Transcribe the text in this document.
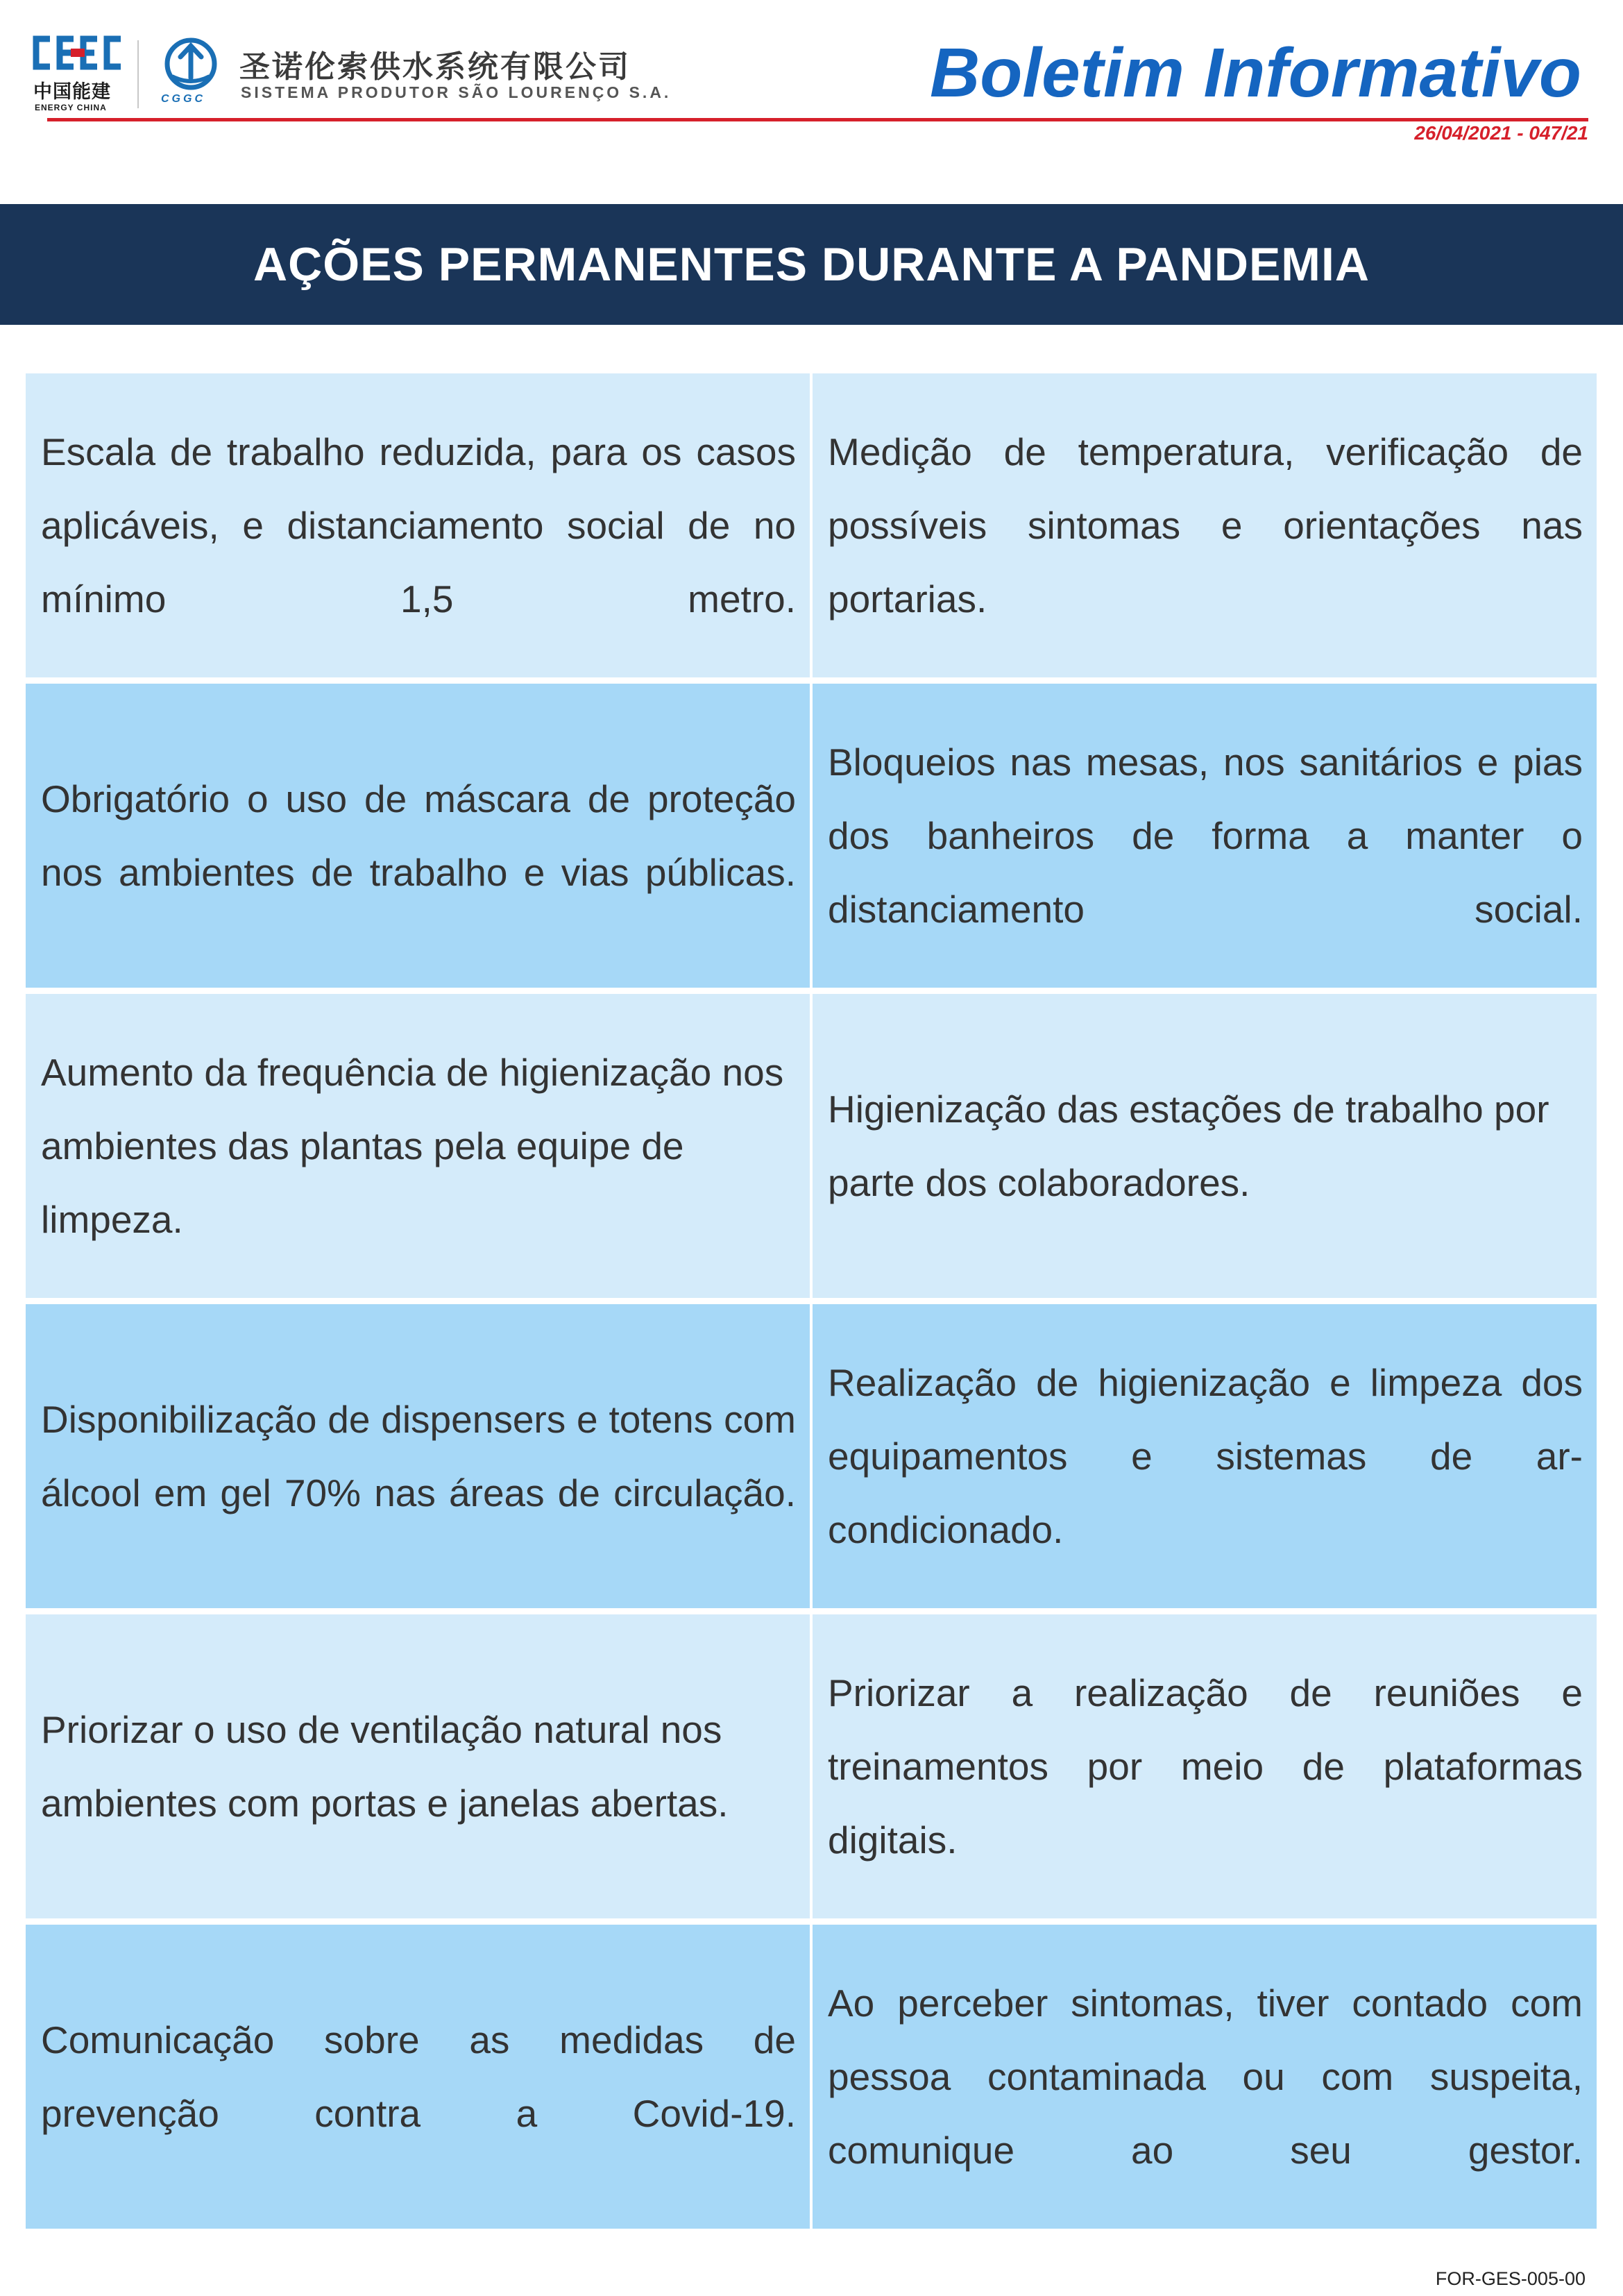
中国能建
ENERGY CHINA
CGGC
圣诺伦索供水系统有限公司
SISTEMA PRODUTOR SÃO LOURENÇO S.A.	Boletim Informativo
26/04/2021 - 047/21
AÇÕES PERMANENTES DURANTE A PANDEMIA

Escala de trabalho reduzida, para os casos aplicáveis, e distanciamento social de no mínimo 1,5 metro.

Medição de temperatura, verificação de possíveis sintomas e orientações nas portarias.

Obrigatório o uso de máscara de proteção nos ambientes de trabalho e vias públicas.

Bloqueios nas mesas, nos sanitários e pias dos banheiros de forma a manter o distanciamento social.

Aumento da frequência de higienização nos ambientes das plantas pela equipe de limpeza.

Higienização das estações de trabalho por parte dos colaboradores.

Disponibilização de dispensers e totens com álcool em gel 70% nas áreas de circulação.

Realização de higienização e limpeza dos equipamentos e sistemas de ar-condicionado.

Priorizar o uso de ventilação natural nos ambientes com portas e janelas abertas.

Priorizar a realização de reuniões e treinamentos por meio de plataformas digitais.

Comunicação sobre as medidas de prevenção contra a Covid-19.

Ao perceber sintomas, tiver contado com pessoa contaminada ou com suspeita, comunique ao seu gestor.

FOR-GES-005-00
